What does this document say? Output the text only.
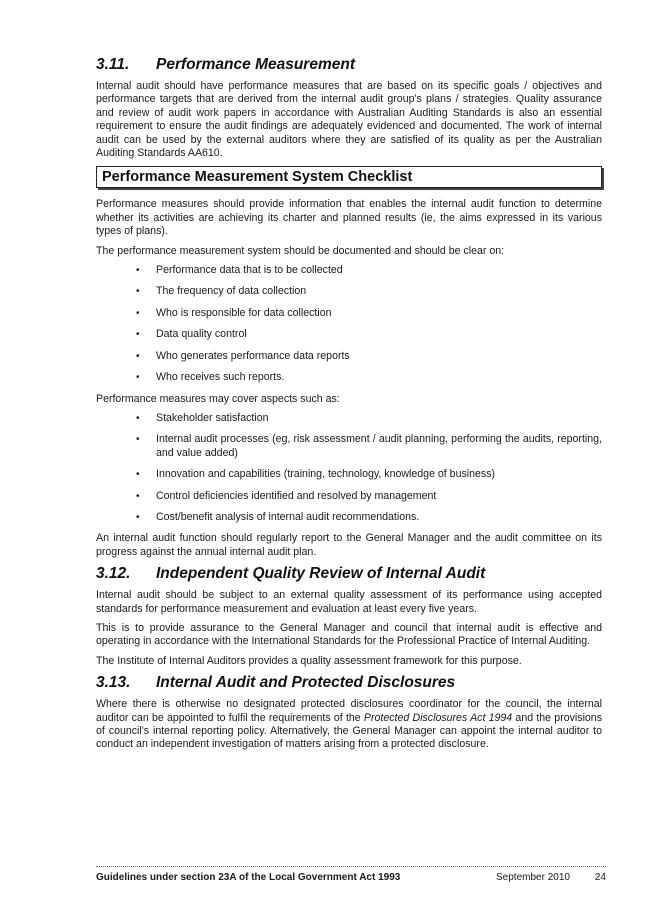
3.11.	Performance Measurement

Internal audit should have performance measures that are based on its specific goals / objectives and performance targets that are derived from the internal audit group's plans / strategies. Quality assurance and review of audit work papers in accordance with Australian Auditing Standards is also an essential requirement to ensure the audit findings are adequately evidenced and documented. The work of internal audit can be used by the external auditors where they are satisfied of its quality as per the Australian Auditing Standards AA610.

Performance Measurement System Checklist

Performance measures should provide information that enables the internal audit function to determine whether its activities are achieving its charter and planned results (ie, the aims expressed in its various types of plans).

The performance measurement system should be documented and should be clear on:

• Performance data that is to be collected
• The frequency of data collection
• Who is responsible for data collection
• Data quality control
• Who generates performance data reports
• Who receives such reports.

Performance measures may cover aspects such as:

• Stakeholder satisfaction
• Internal audit processes (eg, risk assessment / audit planning, performing the audits, reporting, and value added)
• Innovation and capabilities (training, technology, knowledge of business)
• Control deficiencies identified and resolved by management
• Cost/benefit analysis of internal audit recommendations.

An internal audit function should regularly report to the General Manager and the audit committee on its progress against the annual internal audit plan.

3.12.	Independent Quality Review of Internal Audit

Internal audit should be subject to an external quality assessment of its performance using accepted standards for performance measurement and evaluation at least every five years.

This is to provide assurance to the General Manager and council that internal audit is effective and operating in accordance with the International Standards for the Professional Practice of Internal Auditing.

The Institute of Internal Auditors provides a quality assessment framework for this purpose.

3.13.	Internal Audit and Protected Disclosures

Where there is otherwise no designated protected disclosures coordinator for the council, the internal auditor can be appointed to fulfil the requirements of the Protected Disclosures Act 1994 and the provisions of council's internal reporting policy. Alternatively, the General Manager can appoint the internal auditor to conduct an independent investigation of matters arising from a protected disclosure.

Guidelines under section 23A of the Local Government Act 1993	September 2010	24
